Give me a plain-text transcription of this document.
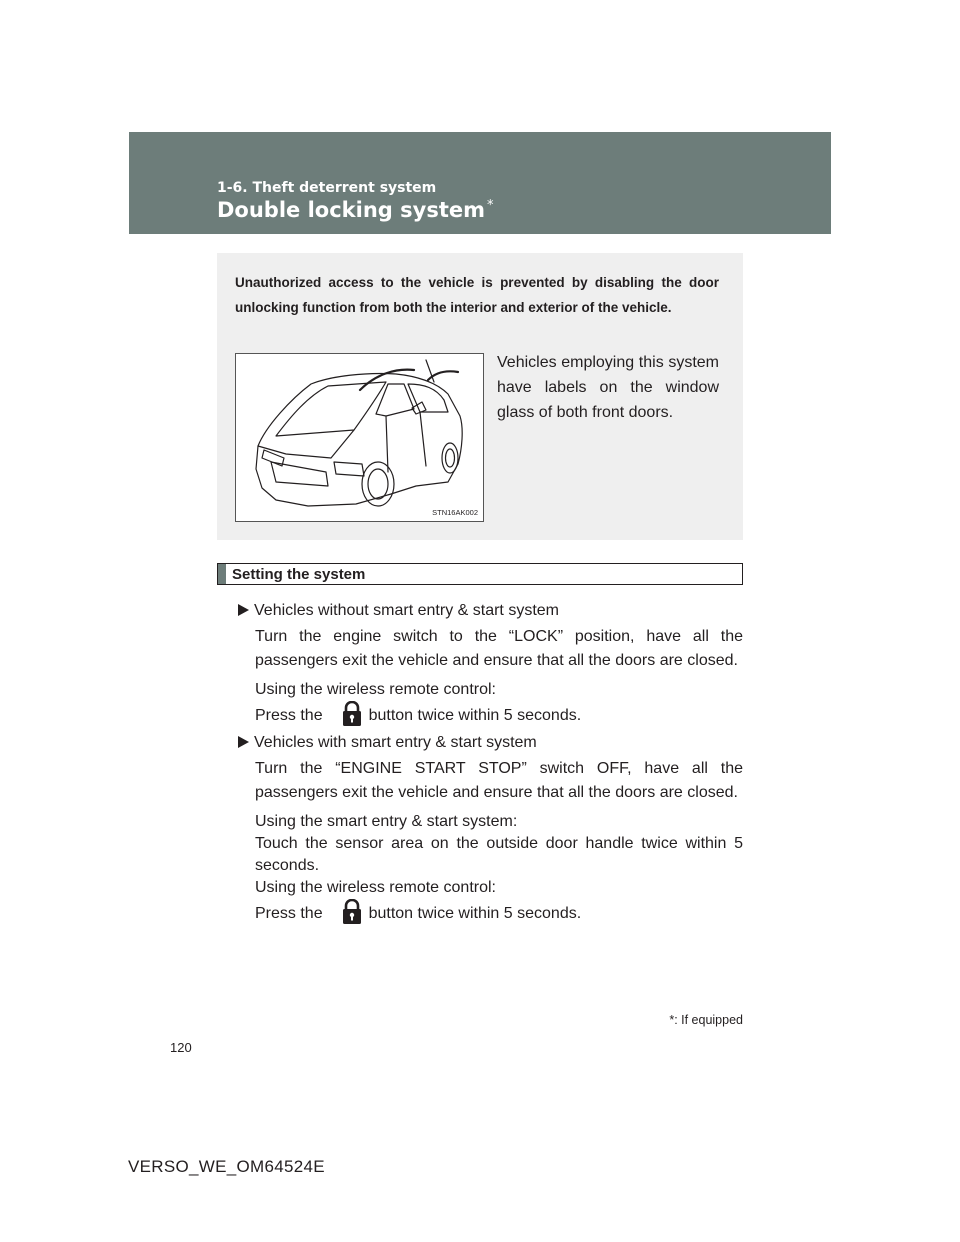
1-6. Theft deterrent system
Double locking system *
Unauthorized access to the vehicle is prevented by disabling the door unlocking function from both the interior and exterior of the vehicle.
STN16AK002
Vehicles employing this system have labels on the window glass of both front doors.
Setting the system
Vehicles without smart entry & start system
Turn the engine switch to the “LOCK” position, have all the passengers exit the vehicle and ensure that all the doors are closed.
Using the wireless remote control:
Press the	button twice within 5 seconds.
Vehicles with smart entry & start system
Turn the “ENGINE START STOP” switch OFF, have all the passengers exit the vehicle and ensure that all the doors are closed.
Using the smart entry & start system:
Touch the sensor area on the outside door handle twice within 5 seconds.
Using the wireless remote control:
Press the	button twice within 5 seconds.
*: If equipped
120
VERSO_WE_OM64524E
